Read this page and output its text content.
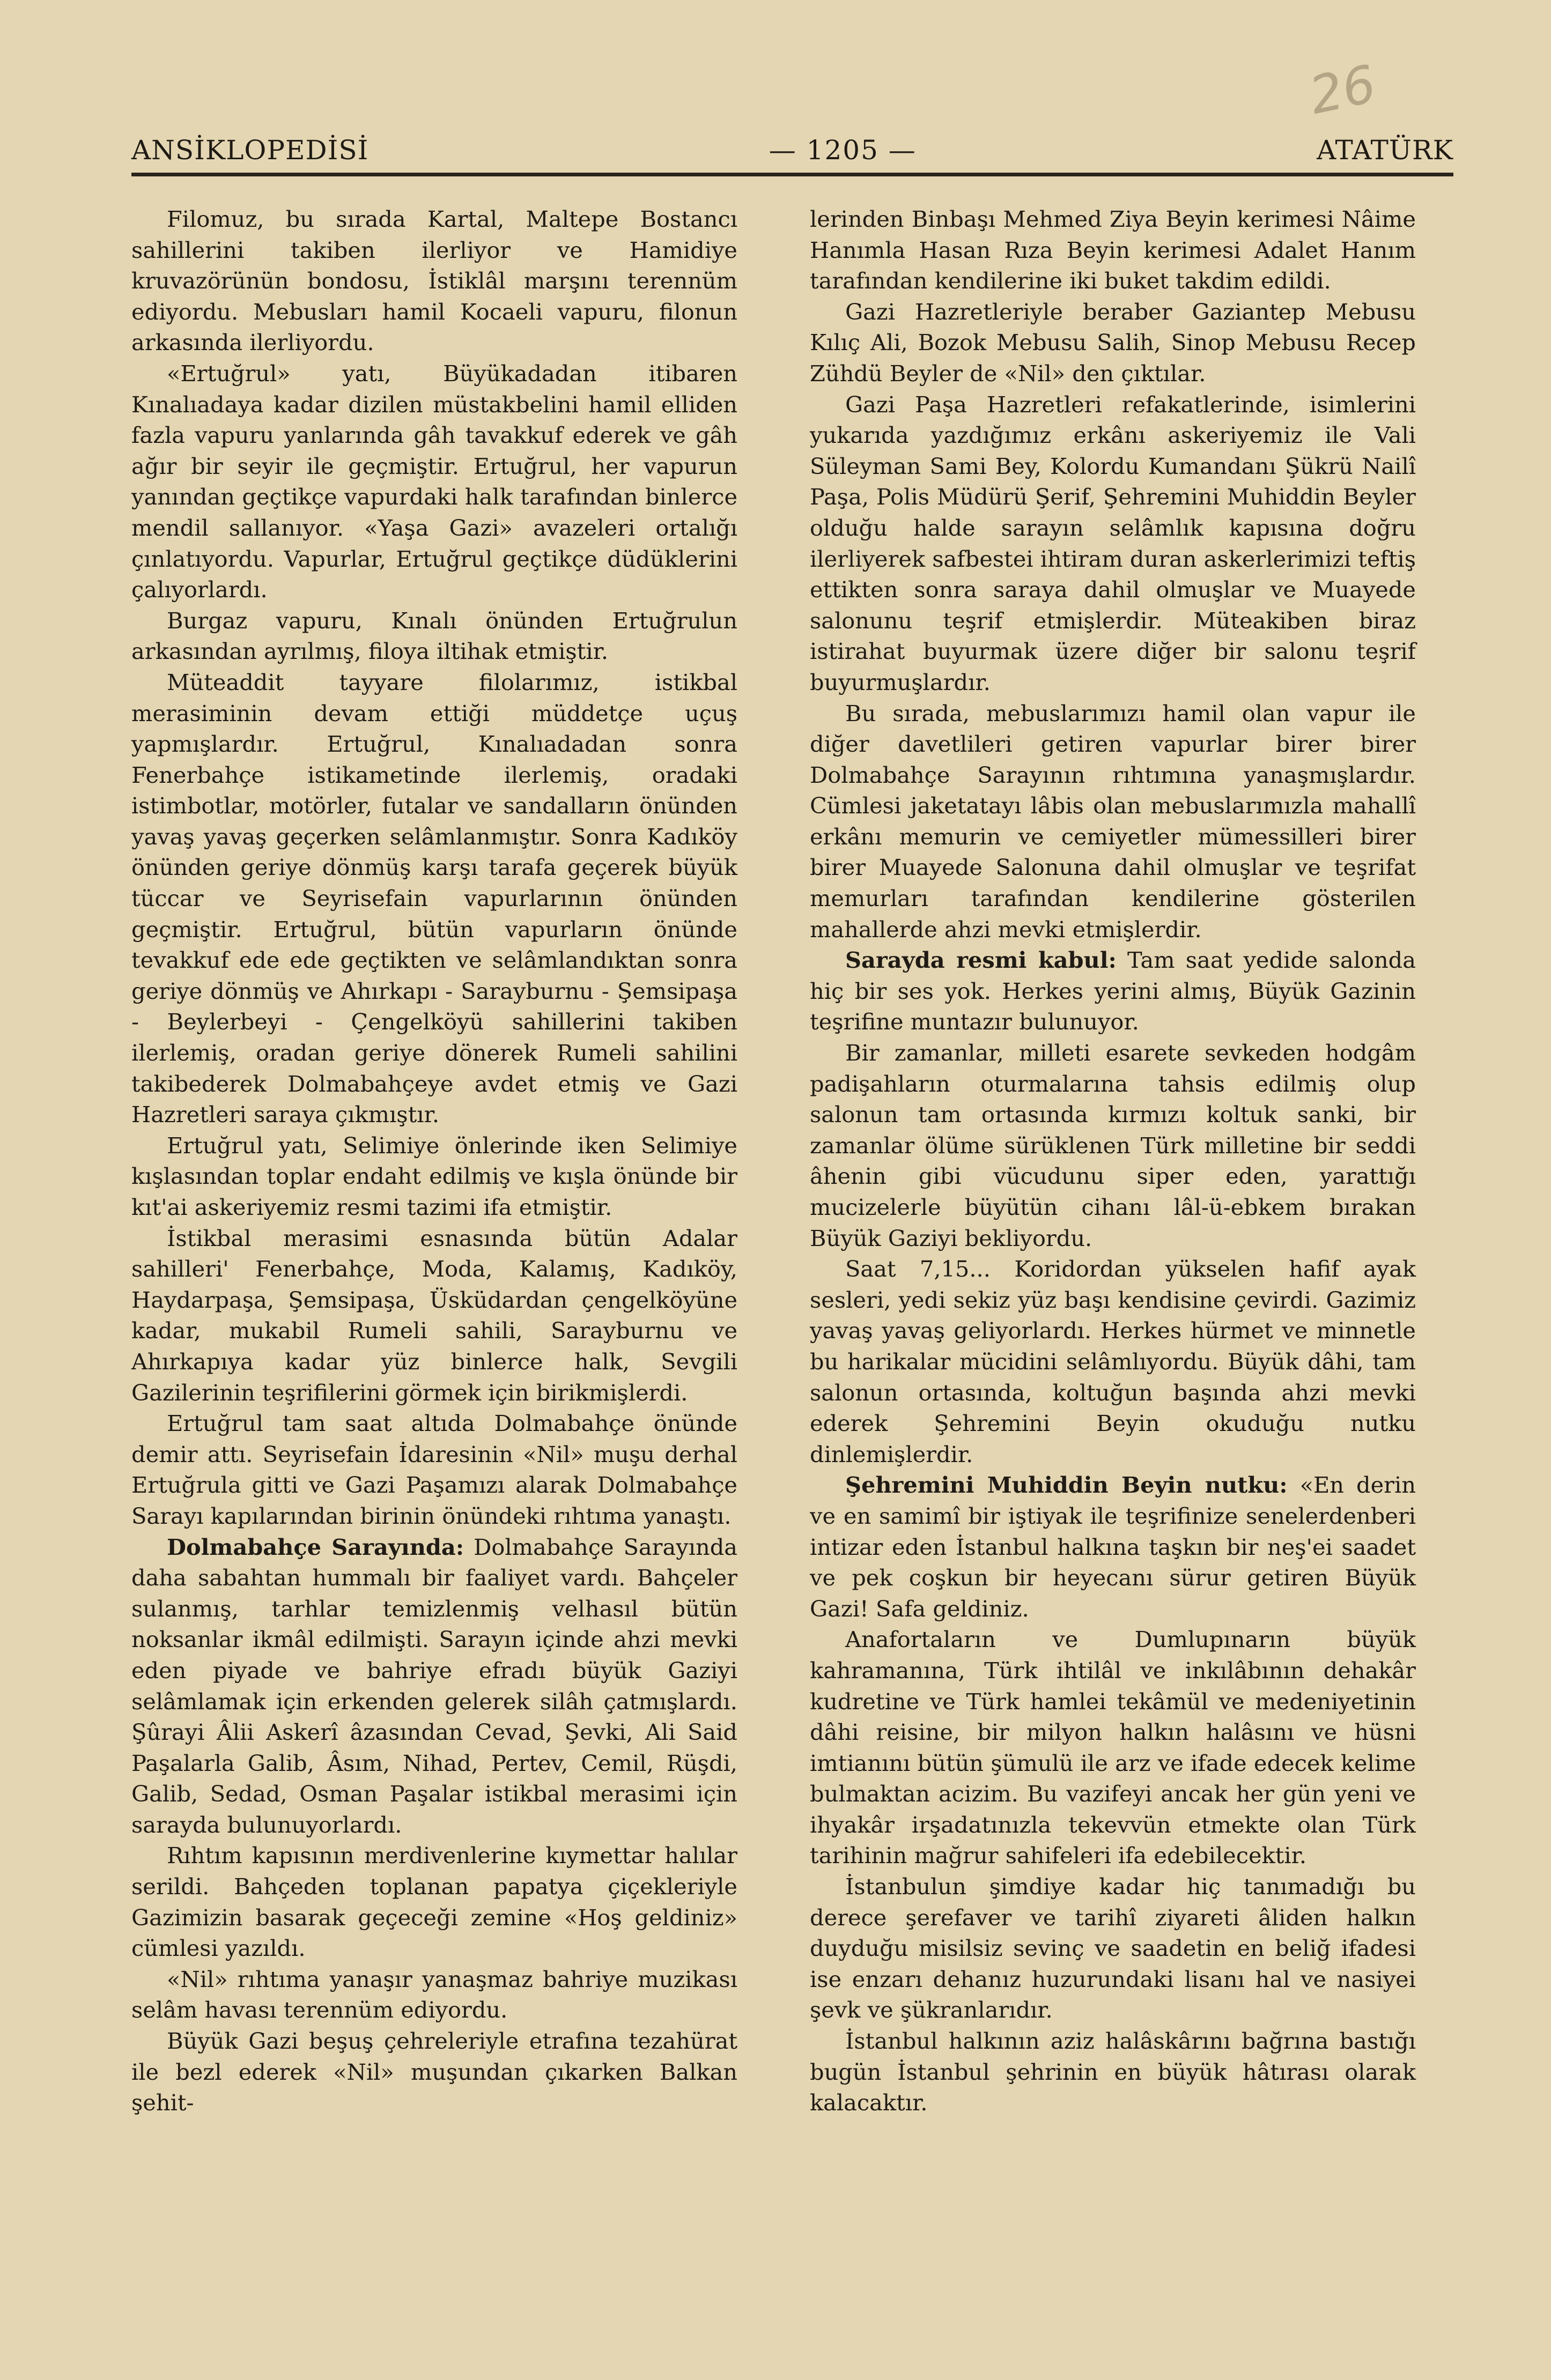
26
ANSİKLOPEDİSİ	— 1205 —	ATATÜRK

Filomuz, bu sırada Kartal, Maltepe Bostancı sahillerini takiben ilerliyor ve Hamidiye kruvazörünün bondosu, İstiklâl marşını terennüm ediyordu. Mebusları hamil Kocaeli vapuru, filonun arkasında ilerliyordu.

«Ertuğrul» yatı, Büyükadadan itibaren Kınalıadaya kadar dizilen müstakbelini hamil elliden fazla vapuru yanlarında gâh tavakkuf ederek ve gâh ağır bir seyir ile geçmiştir. Ertuğrul, her vapurun yanından geçtikçe vapurdaki halk tarafından binlerce mendil sallanıyor. «Yaşa Gazi» avazeleri ortalığı çınlatıyordu. Vapurlar, Ertuğrul geçtikçe düdüklerini çalıyorlardı.

Burgaz vapuru, Kınalı önünden Ertuğrulun arkasından ayrılmış, filoya iltihak etmiştir.

Müteaddit tayyare filolarımız, istikbal merasiminin devam ettiği müddetçe uçuş yapmışlardır. Ertuğrul, Kınalıadadan sonra Fenerbahçe istikametinde ilerlemiş, oradaki istimbotlar, motörler, futalar ve sandalların önünden yavaş yavaş geçerken selâmlanmıştır. Sonra Kadıköy önünden geriye dönmüş karşı tarafa geçerek büyük tüccar ve Seyrisefain vapurlarının önünden geçmiştir. Ertuğrul, bütün vapurların önünde tevakkuf ede ede geçtikten ve selâmlandıktan sonra geriye dönmüş ve Ahırkapı - Sarayburnu - Şemsipaşa - Beylerbeyi - Çengelköyü sahillerini takiben ilerlemiş, oradan geriye dönerek Rumeli sahilini takibederek Dolmabahçeye avdet etmiş ve Gazi Hazretleri saraya çıkmıştır.

Ertuğrul yatı, Selimiye önlerinde iken Selimiye kışlasından toplar endaht edilmiş ve kışla önünde bir kıt'ai askeriyemiz resmi tazimi ifa etmiştir.

İstikbal merasimi esnasında bütün Adalar sahilleri' Fenerbahçe, Moda, Kalamış, Kadıköy, Haydarpaşa, Şemsipaşa, Üsküdardan çengelköyüne kadar, mukabil Rumeli sahili, Sarayburnu ve Ahırkapıya kadar yüz binlerce halk, Sevgili Gazilerinin teşrifilerini görmek için birikmişlerdi.

Ertuğrul tam saat altıda Dolmabahçe önünde demir attı. Seyrisefain İdaresinin «Nil» muşu derhal Ertuğrula gitti ve Gazi Paşamızı alarak Dolmabahçe Sarayı kapılarından birinin önündeki rıhtıma yanaştı.

Dolmabahçe Sarayında: Dolmabahçe Sarayında daha sabahtan hummalı bir faaliyet vardı. Bahçeler sulanmış, tarhlar temizlenmiş velhasıl bütün noksanlar ikmâl edilmişti. Sarayın içinde ahzi mevki eden piyade ve bahriye efradı büyük Gaziyi selâmlamak için erkenden gelerek silâh çatmışlardı. Şûrayi Âlii Askerî âzasından Cevad, Şevki, Ali Said Paşalarla Galib, Âsım, Nihad, Pertev, Cemil, Rüşdi, Galib, Sedad, Osman Paşalar istikbal merasimi için sarayda bulunuyorlardı.

Rıhtım kapısının merdivenlerine kıymettar halılar serildi. Bahçeden toplanan papatya çiçekleriyle Gazimizin basarak geçeceği zemine «Hoş geldiniz» cümlesi yazıldı.

«Nil» rıhtıma yanaşır yanaşmaz bahriye muzikası selâm havası terennüm ediyordu.

Büyük Gazi beşuş çehreleriyle etrafına tezahürat ile bezl ederek «Nil» muşundan çıkarken Balkan şehit-

lerinden Binbaşı Mehmed Ziya Beyin kerimesi Nâime Hanımla Hasan Rıza Beyin kerimesi Adalet Hanım tarafından kendilerine iki buket takdim edildi.

Gazi Hazretleriyle beraber Gaziantep Mebusu Kılıç Ali, Bozok Mebusu Salih, Sinop Mebusu Recep Zühdü Beyler de «Nil» den çıktılar.

Gazi Paşa Hazretleri refakatlerinde, isimlerini yukarıda yazdığımız erkânı askeriyemiz ile Vali Süleyman Sami Bey, Kolordu Kumandanı Şükrü Nailî Paşa, Polis Müdürü Şerif, Şehremini Muhiddin Beyler olduğu halde sarayın selâmlık kapısına doğru ilerliyerek safbestei ihtiram duran askerlerimizi teftiş ettikten sonra saraya dahil olmuşlar ve Muayede salonunu teşrif etmişlerdir. Müteakiben biraz istirahat buyurmak üzere diğer bir salonu teşrif buyurmuşlardır.

Bu sırada, mebuslarımızı hamil olan vapur ile diğer davetlileri getiren vapurlar birer birer Dolmabahçe Sarayının rıhtımına yanaşmışlardır. Cümlesi jaketatayı lâbis olan mebuslarımızla mahallî erkânı memurin ve cemiyetler mümessilleri birer birer Muayede Salonuna dahil olmuşlar ve teşrifat memurları tarafından kendilerine gösterilen mahallerde ahzi mevki etmişlerdir.

Sarayda resmi kabul: Tam saat yedide salonda hiç bir ses yok. Herkes yerini almış, Büyük Gazinin teşrifine muntazır bulunuyor.

Bir zamanlar, milleti esarete sevkeden hodgâm padişahların oturmalarına tahsis edilmiş olup salonun tam ortasında kırmızı koltuk sanki, bir zamanlar ölüme sürüklenen Türk milletine bir seddi âhenin gibi vücudunu siper eden, yarattığı mucizelerle büyütün cihanı lâl-ü-ebkem bırakan Büyük Gaziyi bekliyordu.

Saat 7,15... Koridordan yükselen hafif ayak sesleri, yedi sekiz yüz başı kendisine çevirdi. Gazimiz yavaş yavaş geliyorlardı. Herkes hürmet ve minnetle bu harikalar mücidini selâmlıyordu. Büyük dâhi, tam salonun ortasında, koltuğun başında ahzi mevki ederek Şehremini Beyin okuduğu nutku dinlemişlerdir.

Şehremini Muhiddin Beyin nutku: «En derin ve en samimî bir iştiyak ile teşrifinize senelerdenberi intizar eden İstanbul halkına taşkın bir neş'ei saadet ve pek coşkun bir heyecanı sürur getiren Büyük Gazi! Safa geldiniz.

Anafortaların ve Dumlupınarın büyük kahramanına, Türk ihtilâl ve inkılâbının dehakâr kudretine ve Türk hamlei tekâmül ve medeniyetinin dâhi reisine, bir milyon halkın halâsını ve hüsni imtianını bütün şümulü ile arz ve ifade edecek kelime bulmaktan acizim. Bu vazifeyi ancak her gün yeni ve ihyakâr irşadatınızla tekevvün etmekte olan Türk tarihinin mağrur sahifeleri ifa edebilecektir.

İstanbulun şimdiye kadar hiç tanımadığı bu derece şerefaver ve tarihî ziyareti âliden halkın duyduğu misilsiz sevinç ve saadetin en beliğ ifadesi ise enzarı dehanız huzurundaki lisanı hal ve nasiyei şevk ve şükranlarıdır.

İstanbul halkının aziz halâskârını bağrına bastığı bugün İstanbul şehrinin en büyük hâtırası olarak kalacaktır.
